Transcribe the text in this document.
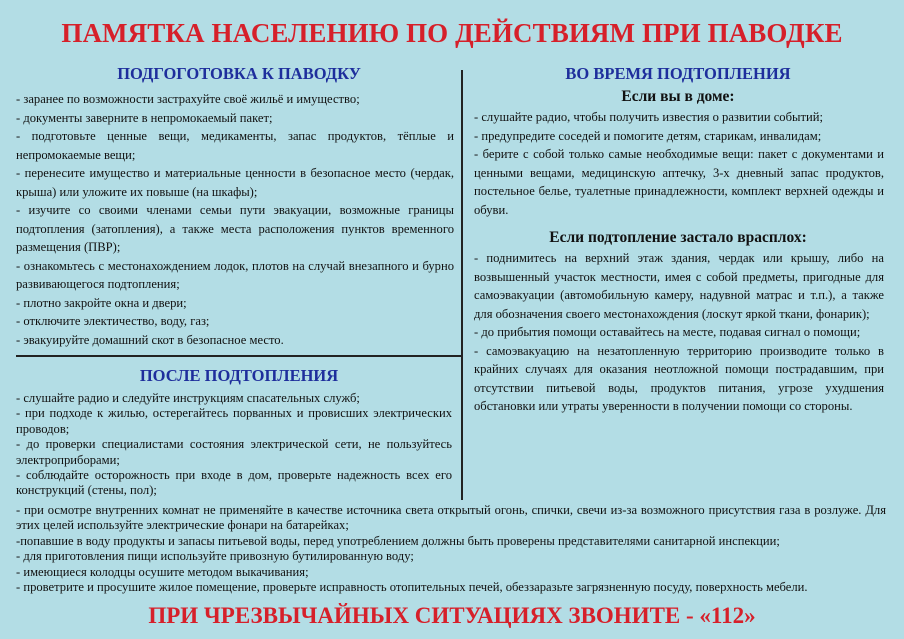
ПАМЯТКА НАСЕЛЕНИЮ ПО ДЕЙСТВИЯМ ПРИ ПАВОДКЕ
ПОДГОГОТОВКА К ПАВОДКУ
- заранее по возможности застрахуйте своё жильё и имущество;
- документы заверните в непромокаемый пакет;
- подготовьте ценные вещи, медикаменты, запас продуктов, тёплые и непромокаемые вещи;
- перенесите имущество и материальные ценности в безопасное место (чердак, крыша) или уложите их повыше (на шкафы);
- изучите со своими членами семьи пути эвакуации, возможные границы подтопления (затопления), а также места расположения пунктов временного размещения (ПВР);
- ознакомьтесь с местонахождением лодок, плотов на случай внезапного и бурно развивающегося подтопления;
- плотно закройте окна и двери;
- отключите электичество, воду, газ;
- эвакуируйте домашний скот в безопасное место.
ВО ВРЕМЯ ПОДТОПЛЕНИЯ
Если вы в доме:
- слушайте радио, чтобы получить известия о развитии событий;
- предупредите соседей и помогите детям, старикам, инвалидам;
- берите с собой только самые необходимые вещи: пакет с документами и ценными вещами, медицинскую аптечку, 3-х дневный запас продуктов, постельное белье, туалетные принадлежности, комплект верхней одежды и обуви.
Если подтопление застало врасплох:
- поднимитесь на верхний этаж здания, чердак или крышу, либо на возвышенный участок местности, имея с собой предметы, пригодные для самоэвакуации (автомобильную камеру, надувной матрас и т.п.), а также для обозначения своего местонахождения (лоскут яркой ткани, фонарик);
- до прибытия помощи оставайтесь на месте, подавая сигнал о помощи;
- самоэвакуацию на незатопленную территорию производите только в крайних случаях для оказания неотложной помощи пострадавшим, при отсутствии питьевой воды, продуктов питания, угрозе ухудшения обстановки или утраты уверенности в получении помощи со стороны.
ПОСЛЕ ПОДТОПЛЕНИЯ
- слушайте радио и следуйте инструкциям спасательных служб;
- при подходе к жилью, остерегайтесь порванных и провисших электрических проводов;
- до проверки специалистами состояния электрической сети, не пользуйтесь электроприборами;
- соблюдайте осторожность при входе в дом, проверьте надежность всех его конструкций (стены, пол);
- при осмотре внутренних комнат не применяйте в качестве источника света открытый огонь, спички, свечи из-за возможного присутствия газа в розлуже. Для этих целей используйте электрические фонари на батарейках;
-попавшие в воду продукты и запасы питьевой воды, перед употреблением должны быть проверены представителями санитарной инспекции;
- для приготовления пищи используйте привозную бутилированную воду;
- имеющиеся колодцы осушите методом выкачивания;
- проветрите и просушите жилое помещение, проверьте исправность отопительных печей, обеззаразьте загрязненную посуду, поверхность мебели.
ПРИ ЧРЕЗВЫЧАЙНЫХ СИТУАЦИЯХ ЗВОНИТЕ - «112»
